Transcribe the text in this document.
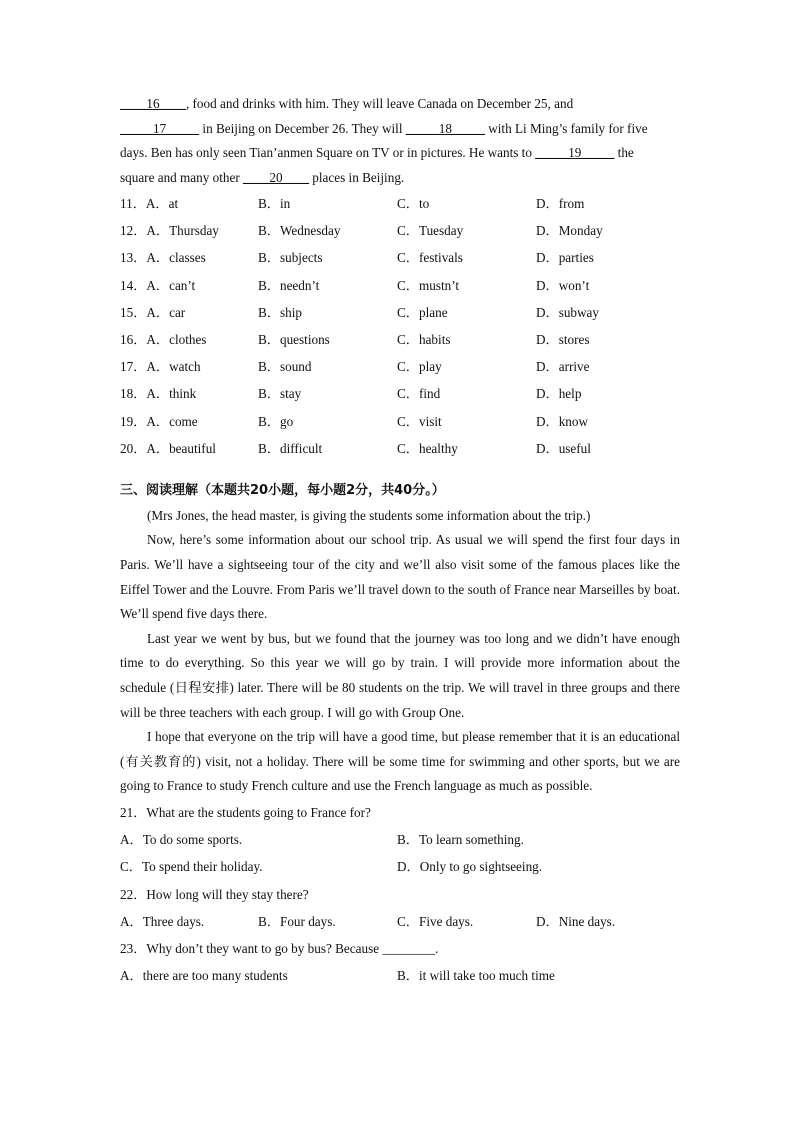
____16____, food and drinks with him. They will leave Canada on December 25, and
_____17_____ in Beijing on December 26. They will _____18_____ with Li Ming’s family for five
days. Ben has only seen Tian’anmen Square on TV or in pictures. He wants to _____19_____ the
square and many other ____20____ places in Beijing.
11．A．at	B．in	C．to	D．from
12．A．Thursday	B．Wednesday	C．Tuesday	D．Monday
13．A．classes	B．subjects	C．festivals	D．parties
14．A．can’t	B．needn’t	C．mustn’t	D．won’t
15．A．car	B．ship	C．plane	D．subway
16．A．clothes	B．questions	C．habits	D．stores
17．A．watch	B．sound	C．play	D．arrive
18．A．think	B．stay	C．find	D．help
19．A．come	B．go	C．visit	D．know
20．A．beautiful	B．difficult	C．healthy	D．useful
三、阅读理解（本题共20小题，每小题2分，共40分。）
(Mrs Jones, the head master, is giving the students some information about the trip.)
Now, here’s some information about our school trip. As usual we will spend the first four days in Paris. We’ll have a sightseeing tour of the city and we’ll also visit some of the famous places like the Eiffel Tower and the Louvre. From Paris we’ll travel down to the south of France near Marseilles by boat. We’ll spend five days there.
Last year we went by bus, but we found that the journey was too long and we didn’t have enough time to do everything. So this year we will go by train. I will provide more information about the schedule (日程安排) later. There will be 80 students on the trip. We will travel in three groups and there will be three teachers with each group. I will go with Group One.
I hope that everyone on the trip will have a good time, but please remember that it is an educational (有关教育的) visit, not a holiday. There will be some time for swimming and other sports, but we are going to France to study French culture and use the French language as much as possible.
21．What are the students going to France for?
A．To do some sports.	B．To learn something.
C．To spend their holiday.	D．Only to go sightseeing.
22．How long will they stay there?
A．Three days.	B．Four days.	C．Five days.	D．Nine days.
23．Why don’t they want to go by bus? Because ________.
A．there are too many students	B．it will take too much time
